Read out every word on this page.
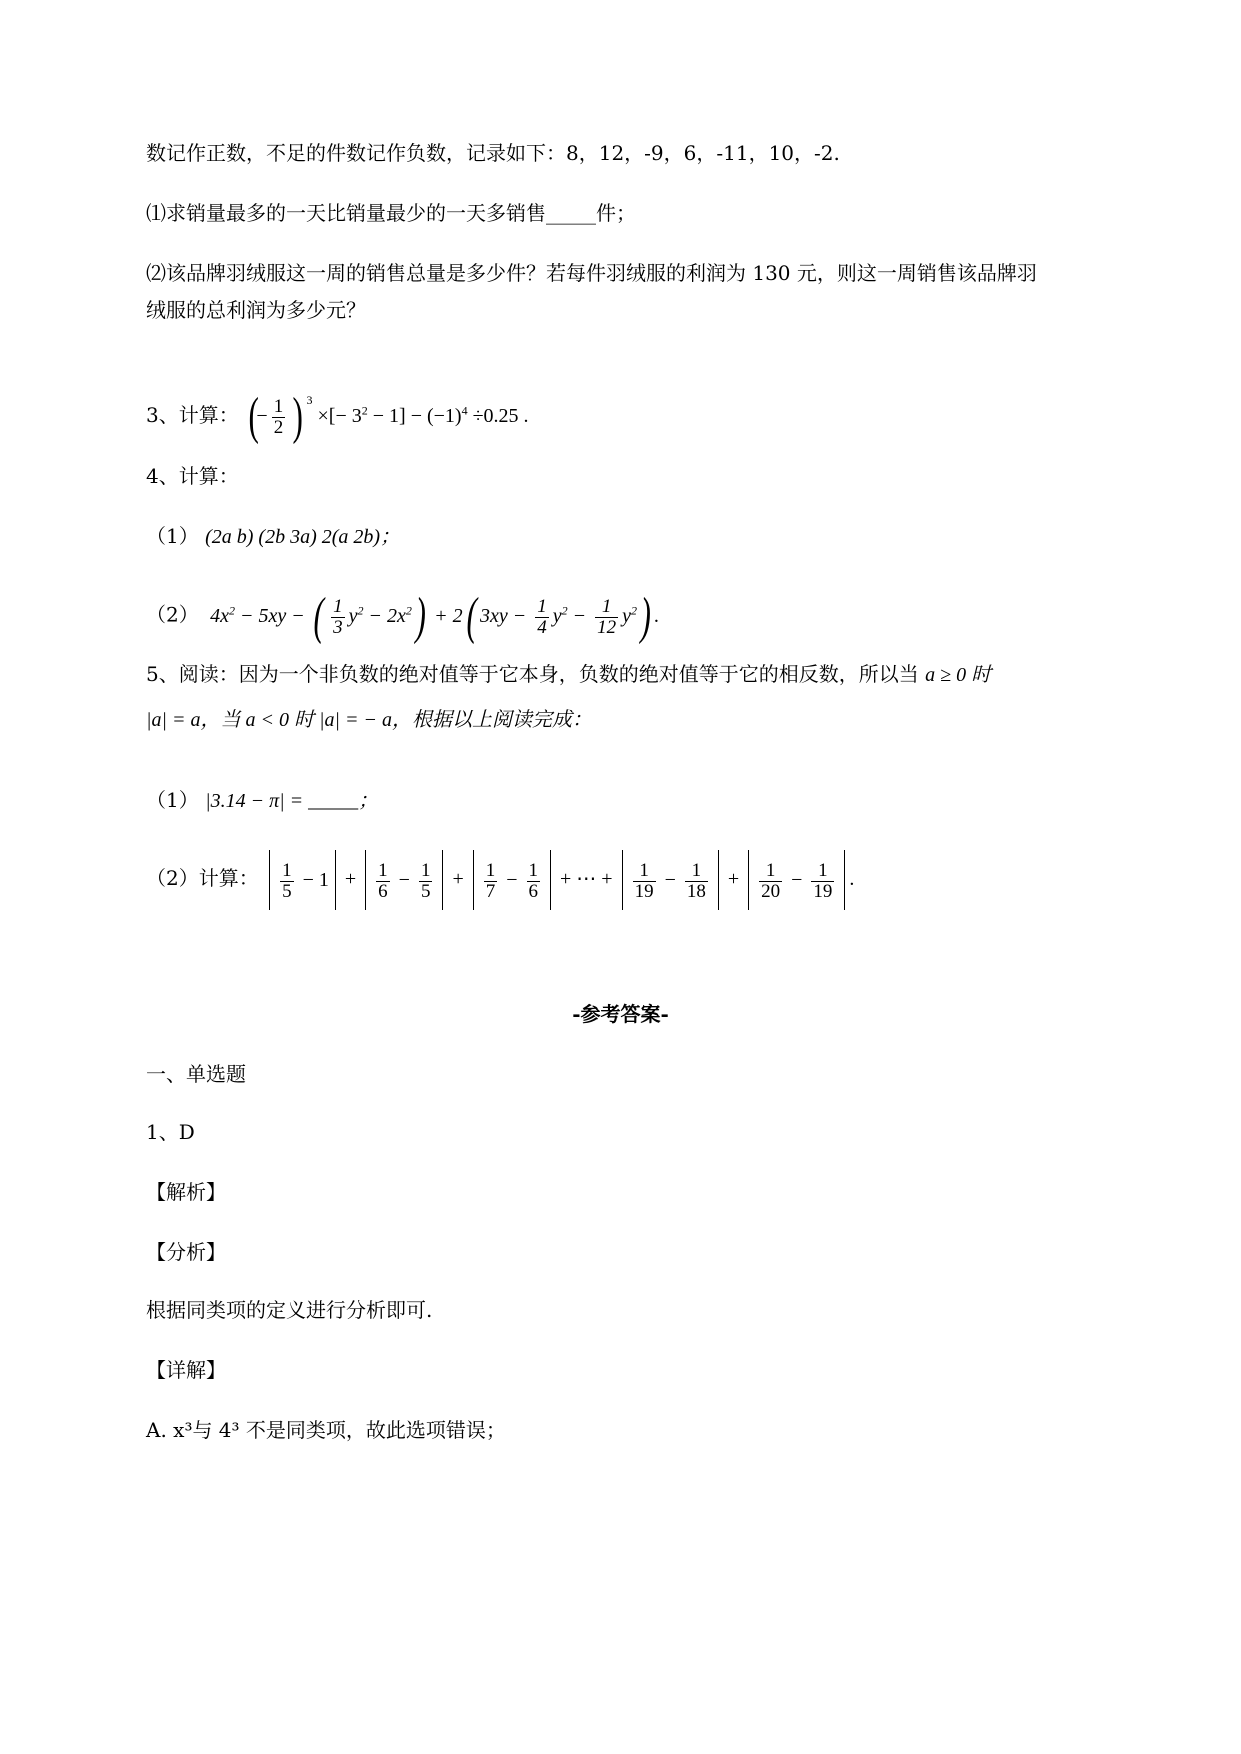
数记作正数，不足的件数记作负数，记录如下：8，12，-9，6，-11，10，-2.
⑴求销量最多的一天比销量最少的一天多销售_____件；
⑵该品牌羽绒服这一周的销售总量是多少件？若每件羽绒服的利润为 130 元，则这一周销售该品牌羽
绒服的总利润为多少元？
3、计算： (− $\frac{1}{2}$ ) $^3$ ×[− $3^2 - 1] - (-1)^4 \div 0.25$ .
4、计算：
（1） (2a b) (2b 3a) 2(a 2b)；
（2）  $4x^2 - 5xy$ − ( $\frac{1}{3} y^2 - 2x^2) + 2$( $3xy - \frac{1}{4} y^2 - \frac{1}{12} y^2$) .
5、阅读：因为一个非负数的绝对值等于它本身，负数的绝对值等于它的相反数，所以当 a ≥ 0 时
|a| = a，当 a < 0 时 |a| = − a，根据以上阅读完成：
（1） |3.14 − π| = _____；
（2）计算： $\frac{1}{5} - 1 + \frac{1}{6} - \frac{1}{5} + \frac{1}{7} - \frac{1}{6}$ + ⋯ + $\frac{1}{19} - \frac{1}{18} + \frac{1}{20} - \frac{1}{19}$ .
-参考答案-
一、单选题
1、D
【解析】
【分析】
根据同类项的定义进行分析即可.
【详解】
A. x³与 4³ 不是同类项，故此选项错误；
